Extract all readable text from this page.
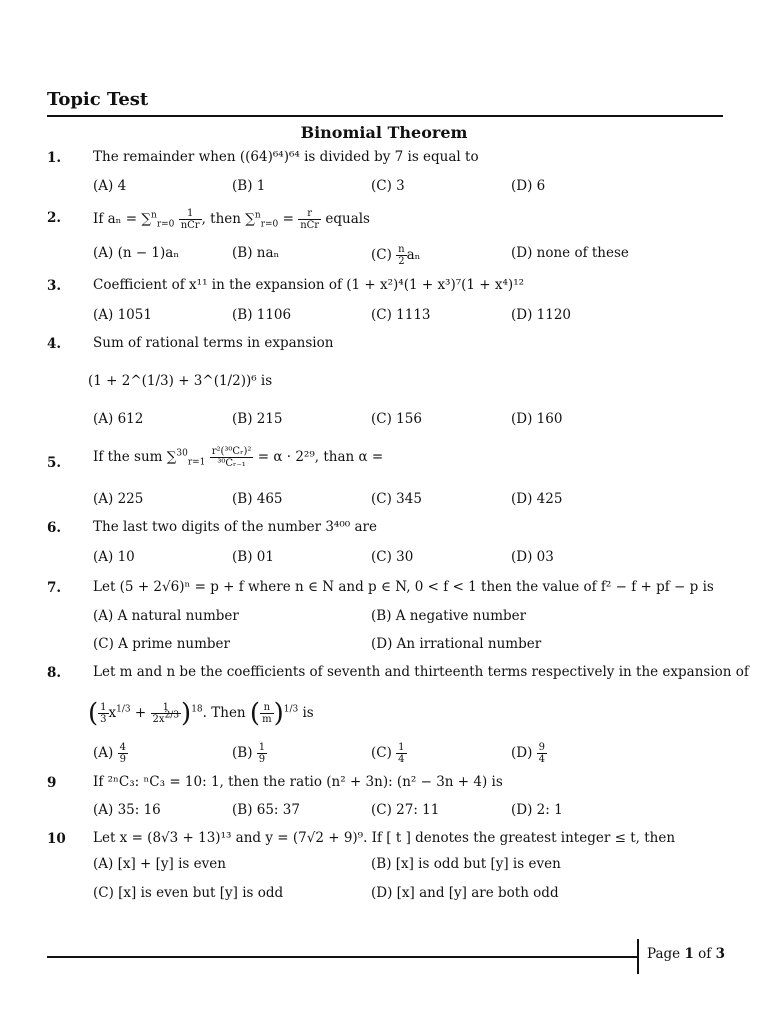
Topic Test
Binomial Theorem
1. The remainder when ((64)⁶⁴)⁶⁴ is divided by 7 is equal to
(A) 4	(B) 1	(C) 3	(D) 6
2. If $a_n = \sum^n_{r=0} \frac{1}{\text{nCr}}$ , then $\sum^n_{r=0} = \frac{r}{\text{nCr}}$ equals
(A) (n − 1)aₙ	(B) naₙ	$(C) \frac{n}{2}$ aₙ	(D) none of these
3. Coefficient of x¹¹ in the expansion of (1 + x²)⁴(1 + x³)⁷(1 + x⁴)¹²
(A) 1051	(B) 1106	(C) 1113	(D) 1120
4. Sum of rational terms in expansion
(1 + 2^(1/3) + 3^(1/2))⁶ is
(A) 612	(B) 215	(C) 156	(D) 160
5. If the sum $\sum^{30}_{r=1} \frac{\text{r²(³⁰Cᵣ)²}}{\text{³⁰Cᵣ₋₁}} = \alpha \cdot 2^{29}$, than α =
(A) 225	(B) 465	(C) 345	(D) 425
6. The last two digits of the number 3⁴⁰⁰ are
(A) 10	(B) 01	(C) 30	(D) 03
7. Let (5 + 2√6)ⁿ = p + f where n ∈ N and p ∈ N, 0 < f < 1 then the value of f² − f + pf − p is
(A) A natural number	(B) A negative number
(C) A prime number	(D) An irrational number
8. Let m and n be the coefficients of seventh and thirteenth terms respectively in the expansion of
( $\frac{1}{3} x^{1/3} + \frac{1}{2x^{2/3}} )^{18}$. Then ( $\frac{n}{m} )^{1/3}$ is
$(A) \frac{4}{9}$	$(B) \frac{1}{9}$	$(C) \frac{1}{4}$	$(D) \frac{9}{4}$
9	If ²ⁿC₃: ⁿC₃ = 10: 1, then the ratio (n² + 3n): (n² − 3n + 4) is
(A) 35: 16	(B) 65: 37	(C) 27: 11	(D) 2: 1
10 Let x = (8√3 + 13)¹³ and y = (7√2 + 9)⁹. If [ t ] denotes the greatest integer ≤ t, then
(A) [x] + [y] is even	(B) [x] is odd but [y] is even
(C) [x] is even but [y] is odd	(D) [x] and [y] are both odd
Page 1 of 3
